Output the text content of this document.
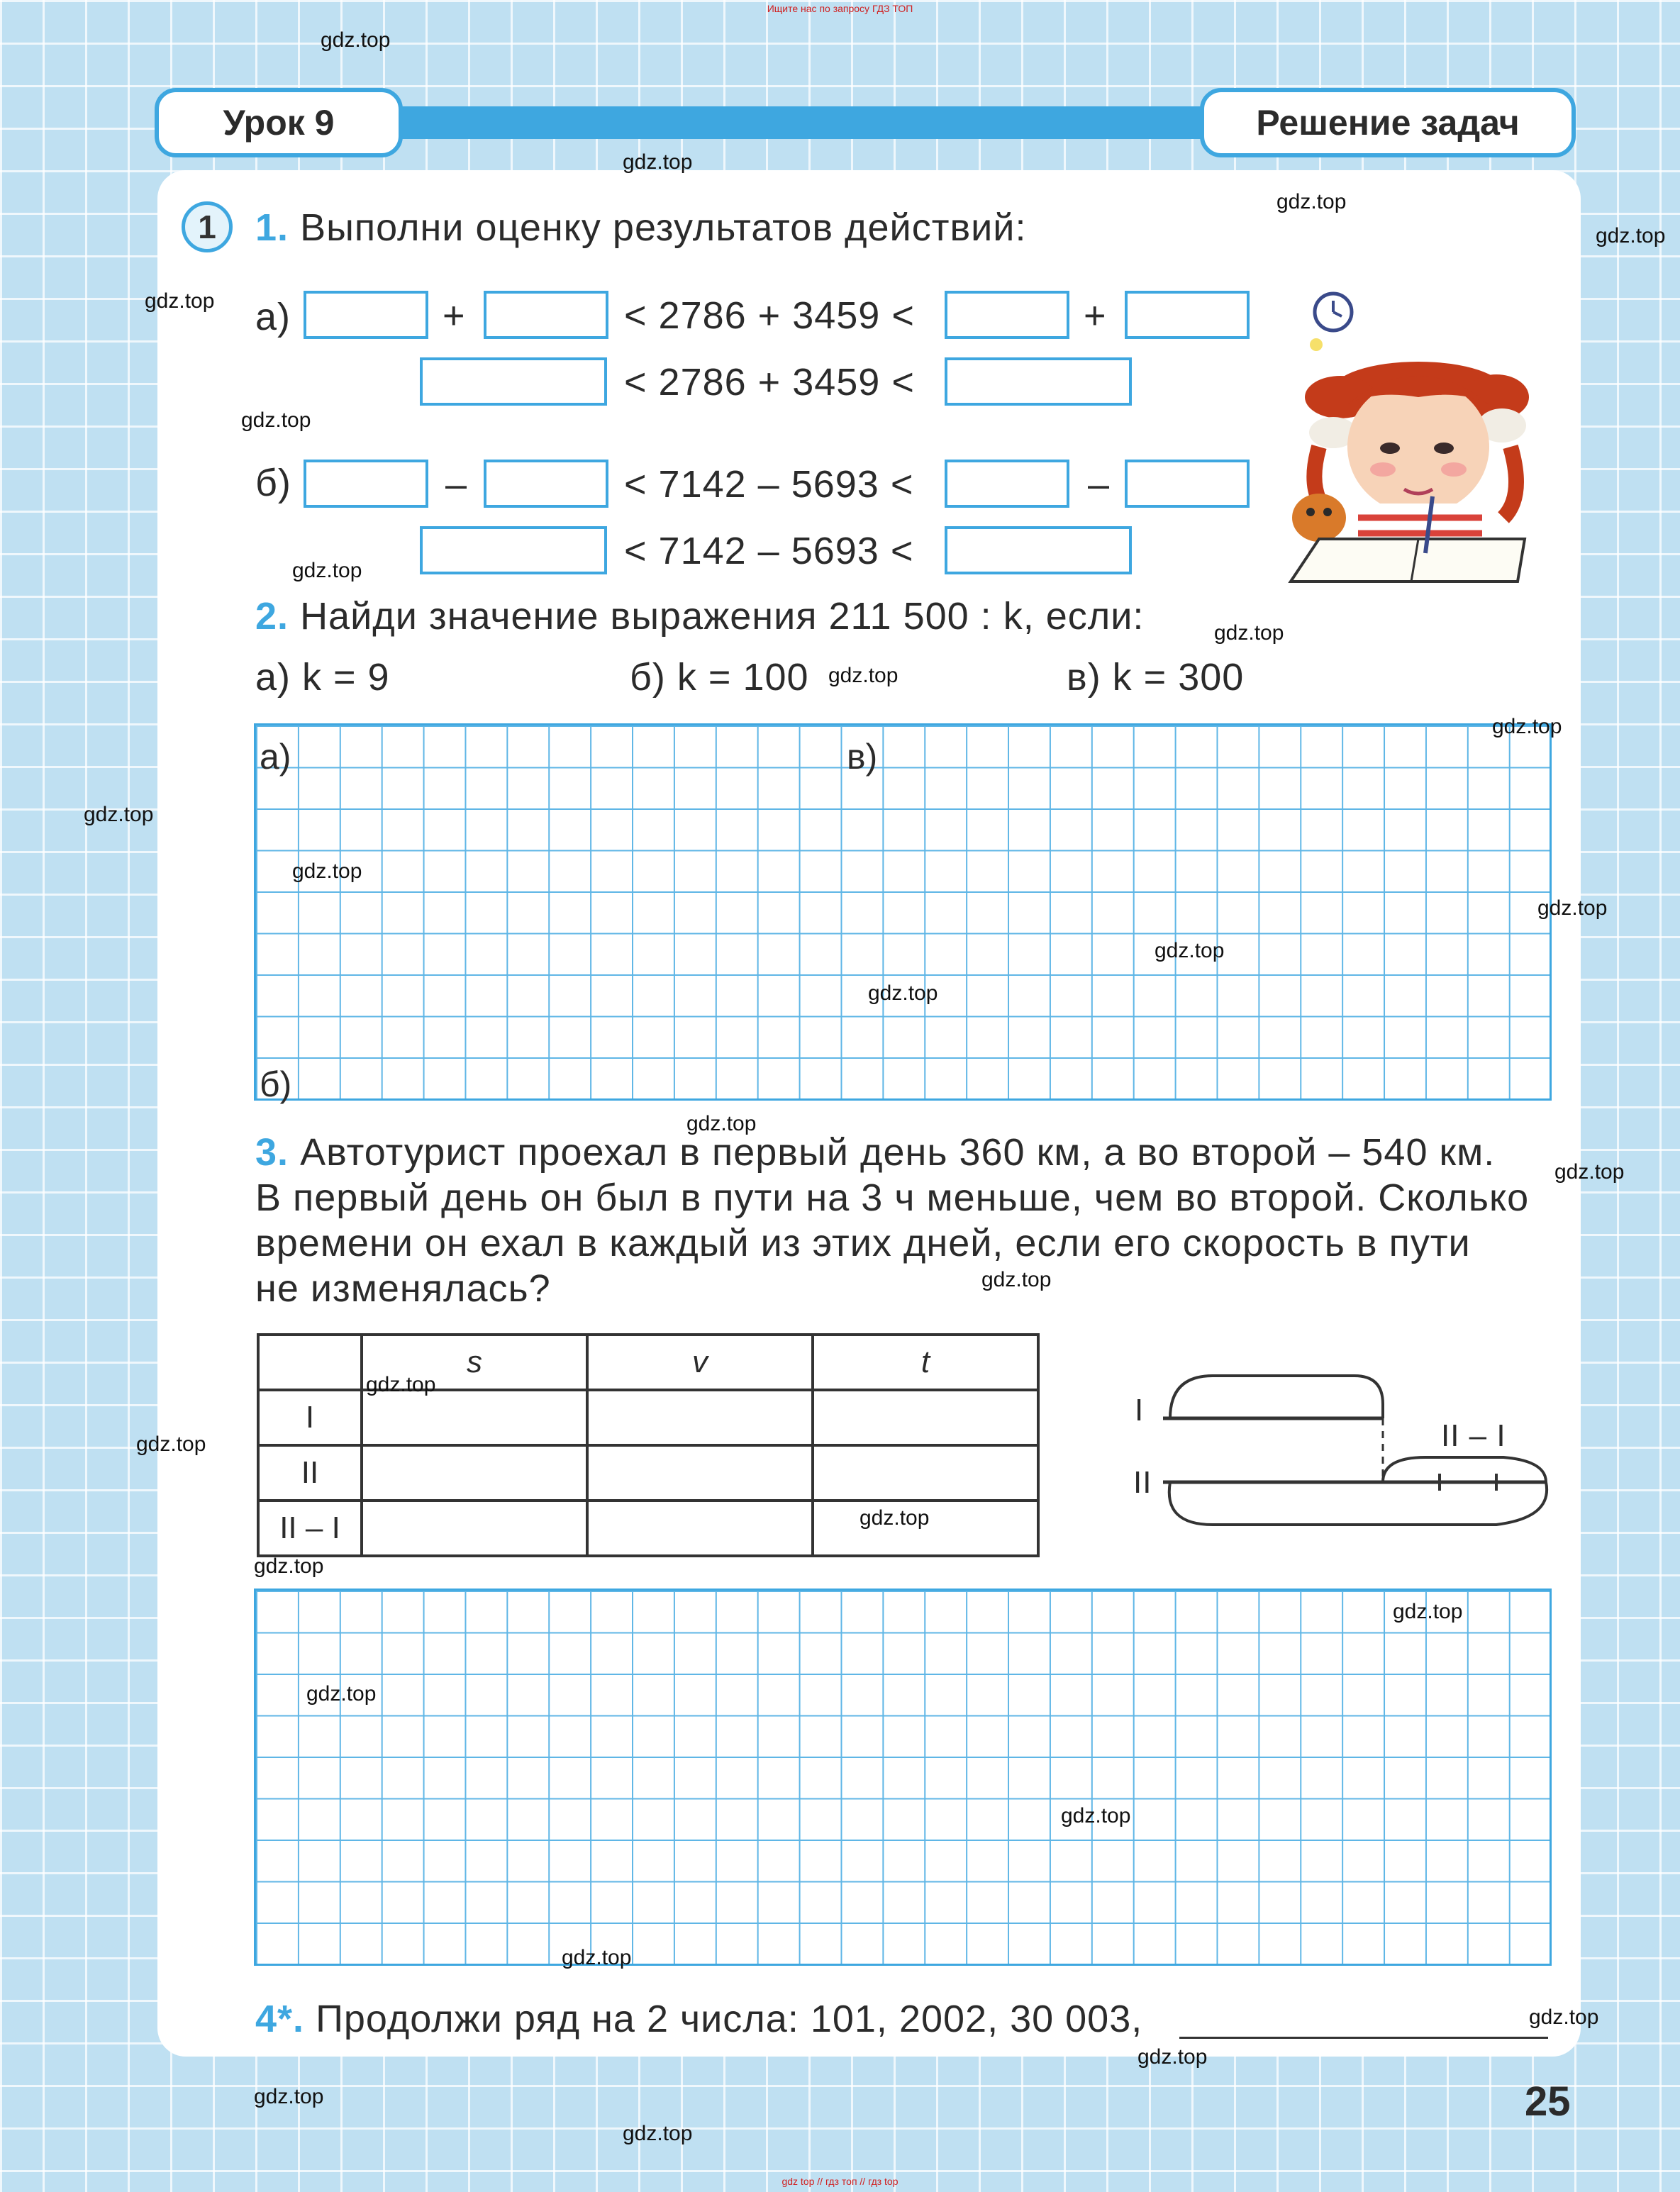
Ищите нас по запросу ГДЗ ТОП
Урок 9	Решение задач
1	1. Выполни оценку результатов действий:
а)	+	< 2786 + 3459 <	+
< 2786 + 3459 <
б)	–	< 7142 – 5693 <	–
< 7142 – 5693 <
2. Найди значение выражения 211 500 : k, если:
а) k = 9	б) k = 100	в) k = 300
а)	в)
б)
3. Автотурист проехал в первый день 360 км, а во второй – 540 км.
В первый день он был в пути на 3 ч меньше, чем во второй. Сколько
времени он ехал в каждый из этих дней, если его скорость в пути
не изменялась?
	s	v	t
I			
II			
II – I			
I
II
II – I
4*. Продолжи ряд на 2 числа: 101, 2002, 30 003,
25
gdz.top
gdz.top
gdz.top
gdz.top
gdz.top
gdz.top
gdz.top
gdz.top
gdz.top
gdz.top
gdz.top
gdz.top
gdz.top
gdz.top
gdz.top
gdz.top
gdz.top
gdz.top
gdz.top
gdz.top
gdz.top
gdz.top
gdz.top
gdz.top
gdz.top
gdz.top
gdz.top
gdz.top
gdz.top
gdz.top
gdz top // гдз топ // гдз top
